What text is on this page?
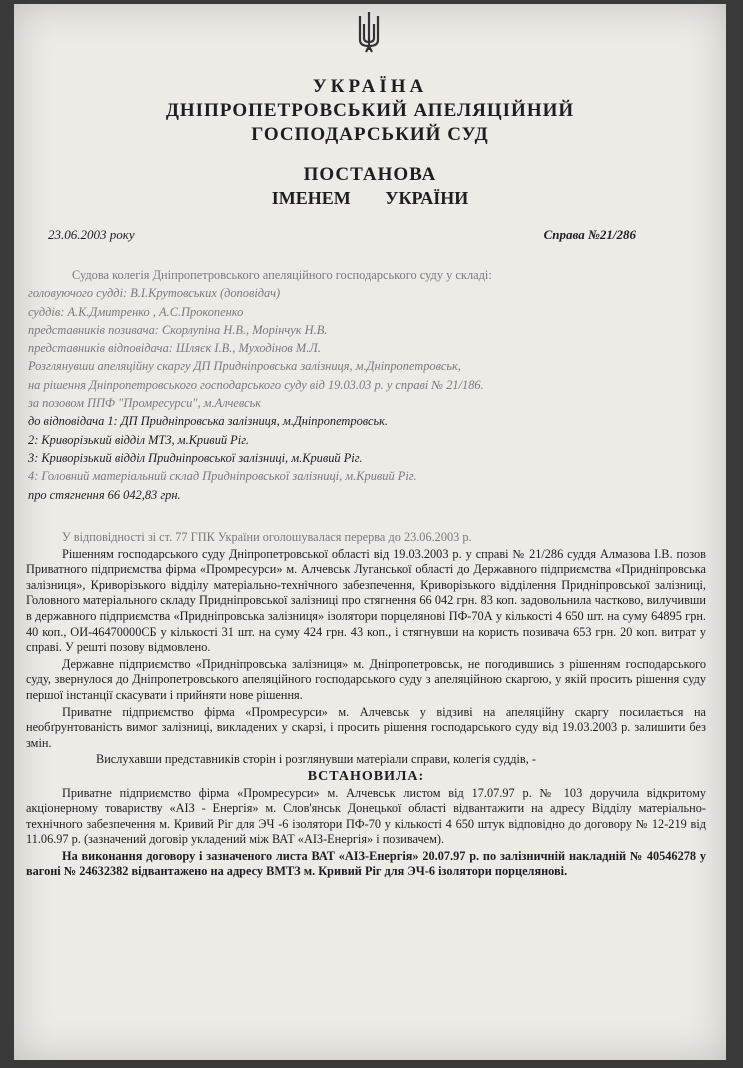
УКРАЇНА
ДНІПРОПЕТРОВСЬКИЙ АПЕЛЯЦІЙНИЙ
ГОСПОДАРСЬКИЙ СУД
ПОСТАНОВА
ІМЕНЕМ УКРАЇНИ
23.06.2003 року	Справа №21/286
Судова колегія Дніпропетровського апеляційного господарського суду у складі:
головуючого судді: В.І.Крутовських (доповідач)
суддів: А.К.Дмитренко , А.С.Прокопенко
представників позивача: Скорлупіна Н.В., Морінчук Н.В.
представників відповідача: Шляєк І.В., Муходінов М.Л.
Розглянувши апеляційну скаргу ДП Придніпровська залізниця, м.Дніпропетровськ,
на рішення Дніпропетровського господарського суду від 19.03.03 р. у справі № 21/186.
за позовом ППФ "Промресурси", м.Алчевськ
до відповідача 1: ДП Придніпровська залізниця, м.Дніпропетровськ.
2: Криворізький відділ МТЗ, м.Кривий Ріг.
3: Криворізький відділ Придніпровської залізниці, м.Кривий Ріг.
4: Головний матеріальний склад Придніпровської залізниці, м.Кривий Ріг.
про стягнення 66 042,83 грн.

У відповідності зі ст. 77 ГПК України оголошувалася перерва до 23.06.2003 р.

Рішенням господарського суду Дніпропетровської області від 19.03.2003 р. у справі № 21/286 суддя Алмазова І.В. позов Приватного підприємства фірма «Промресурси» м. Алчевськ Луганської області до Державного підприємства «Придніпровська залізниця», Криворізького відділу матеріально-технічного забезпечення, Криворізького відділення Придніпровської залізниці, Головного матеріального складу Придніпровської залізниці про стягнення 66 042 грн. 83 коп. задовольнила частково, вилучивши в державного підприємства «Придніпровська залізниця» ізолятори порцелянові ПФ-70А у кількості 4 650 шт. на суму 64895 грн. 40 коп., ОИ-46470000СБ у кількості 31 шт. на суму 424 грн. 43 коп., і стягнувши на користь позивача 653 грн. 20 коп. витрат у справі. У решті позову відмовлено.

Державне підприємство «Придніпровська залізниця» м. Дніпропетровськ, не погодившись з рішенням господарського суду, звернулося до Дніпропетровського апеляційного господарського суду з апеляційною скаргою, у якій просить рішення суду першої інстанції скасувати і прийняти нове рішення.

Приватне підприємство фірма «Промресурси» м. Алчевськ у відзиві на апеляційну скаргу посилається на необґрунтованість вимог залізниці, викладених у скарзі, і просить рішення господарського суду від 19.03.2003 р. залишити без змін.

Вислухавши представників сторін і розглянувши матеріали справи, колегія суддів, -

ВСТАНОВИЛА:

Приватне підприємство фірма «Промресурси» м. Алчевськ листом від 17.07.97 р. № 103 доручила відкритому акціонерному товариству «АІЗ - Енергія» м. Слов'янськ Донецької області відвантажити на адресу Відділу матеріально-технічного забезпечення м. Кривий Ріг для ЭЧ -6 ізолятори ПФ-70 у кількості 4 650 штук відповідно до договору № 12-219 від 11.06.97 р. (зазначений договір укладений між ВАТ «АІЗ-Енергія» і позивачем).

На виконання договору і зазначеного листа ВАТ «АІЗ-Енергія» 20.07.97 р. по залізничній накладній № 40546278 у вагоні № 24632382 відвантажено на адресу ВМТЗ м. Кривий Ріг для ЭЧ-6 ізолятори порцелянові.
